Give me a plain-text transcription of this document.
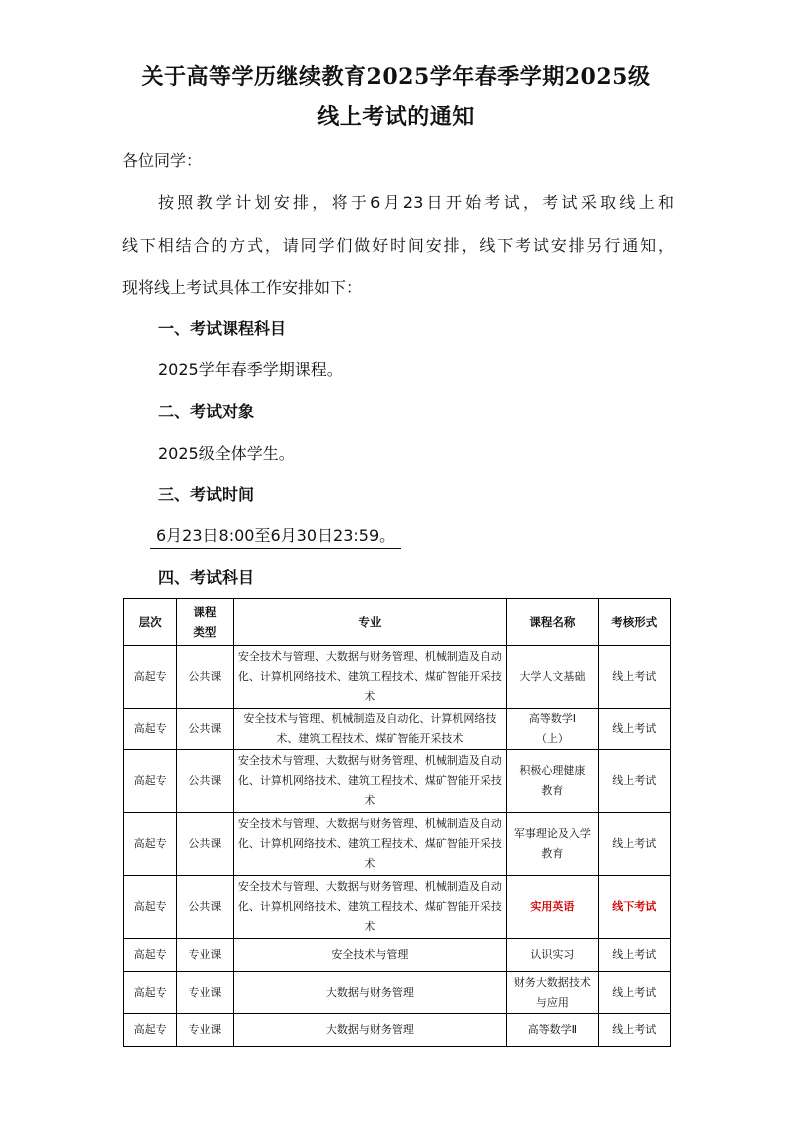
关于高等学历继续教育2025学年春季学期2025级
线上考试的通知
各位同学：
按照教学计划安排，将于6月23日开始考试，考试采取线上和
线下相结合的方式，请同学们做好时间安排，线下考试安排另行通知，
现将线上考试具体工作安排如下：
一、考试课程科目
2025学年春季学期课程。
二、考试对象
2025级全体学生。
三、考试时间
6月23日8:00至6月30日23:59。
四、考试科目
层次	课程类型	专业	课程名称	考核形式
高起专	公共课	安全技术与管理、大数据与财务管理、机械制造及自动化、计算机网络技术、建筑工程技术、煤矿智能开采技术	大学人文基础	线上考试
高起专	公共课	安全技术与管理、机械制造及自动化、计算机网络技术、建筑工程技术、煤矿智能开采技术	高等数学Ⅰ（上）	线上考试
高起专	公共课	安全技术与管理、大数据与财务管理、机械制造及自动化、计算机网络技术、建筑工程技术、煤矿智能开采技术	积极心理健康教育	线上考试
高起专	公共课	安全技术与管理、大数据与财务管理、机械制造及自动化、计算机网络技术、建筑工程技术、煤矿智能开采技术	军事理论及入学教育	线上考试
高起专	公共课	安全技术与管理、大数据与财务管理、机械制造及自动化、计算机网络技术、建筑工程技术、煤矿智能开采技术	实用英语	线下考试
高起专	专业课	安全技术与管理	认识实习	线上考试
高起专	专业课	大数据与财务管理	财务大数据技术与应用	线上考试
高起专	专业课	大数据与财务管理	高等数学Ⅱ	线上考试
